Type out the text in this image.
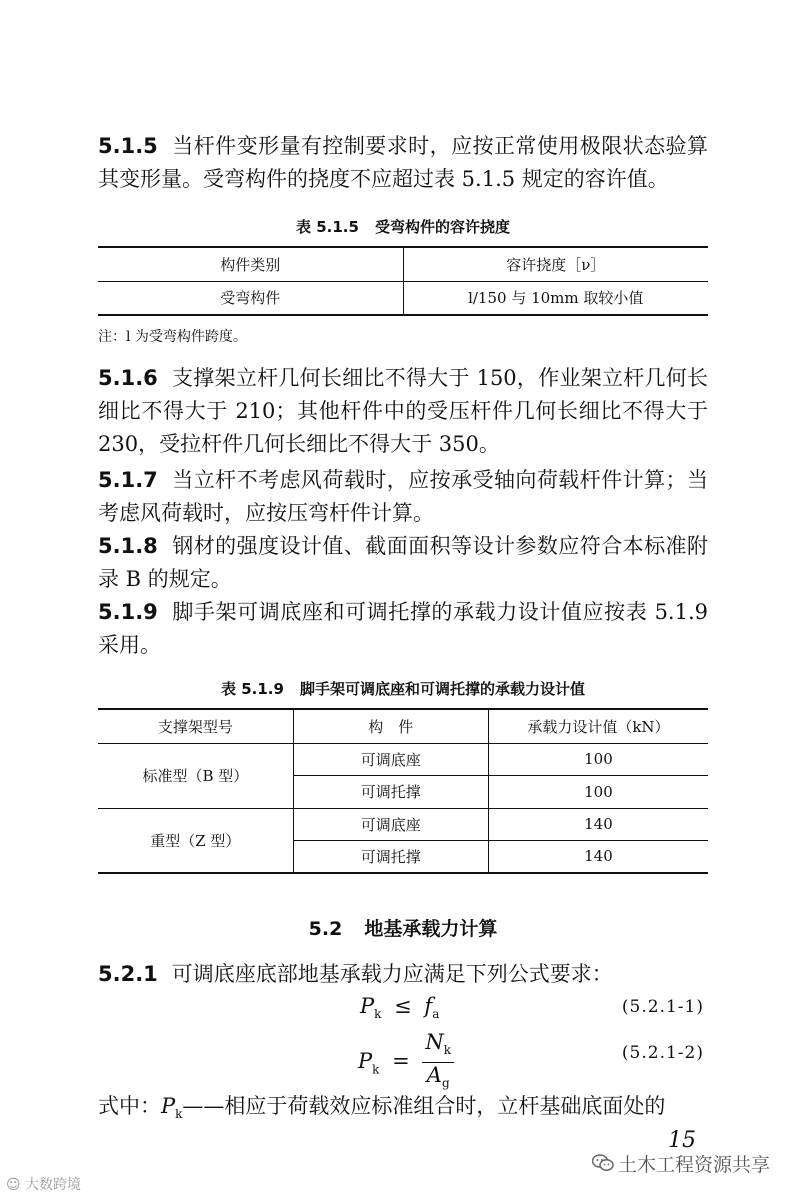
5.1.5 当杆件变形量有控制要求时，应按正常使用极限状态验算其变形量。受弯构件的挠度不应超过表 5.1.5 规定的容许值。

表 5.1.5 受弯构件的容许挠度

构件类别	容许挠度［ν］
受弯构件	l/150 与 10mm 取较小值

注：l 为受弯构件跨度。

5.1.6 支撑架立杆几何长细比不得大于 150，作业架立杆几何长细比不得大于 210；其他杆件中的受压杆件几何长细比不得大于 230，受拉杆件几何长细比不得大于 350。

5.1.7 当立杆不考虑风荷载时，应按承受轴向荷载杆件计算；当考虑风荷载时，应按压弯杆件计算。

5.1.8 钢材的强度设计值、截面面积等设计参数应符合本标准附录 B 的规定。

5.1.9 脚手架可调底座和可调托撑的承载力设计值应按表 5.1.9 采用。

表 5.1.9 脚手架可调底座和可调托撑的承载力设计值

支撑架型号	构　件	承载力设计值（kN）
标准型（B 型）	可调底座	100
	可调托撑	100
重型（Z 型）	可调底座	140
	可调托撑	140

5.2 地基承载力计算

5.2.1 可调底座底部地基承载力应满足下列公式要求：

$P_k \le f_a$	(5.2.1-1)
$P_k = \frac{N_k}{A_g}$	(5.2.1-2)

式中：$P_k——$相应于荷载效应标准组合时，立杆基础底面处的

15
☺ 大数跨境
土木工程资源共享
